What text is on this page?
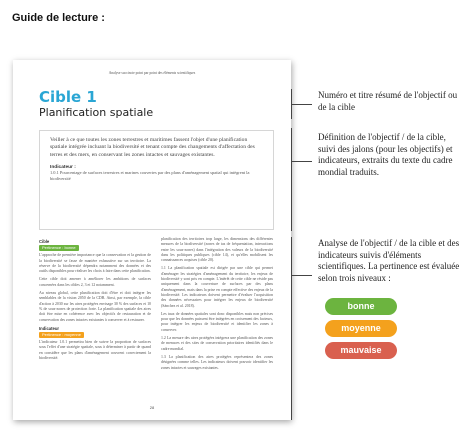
Guide de lecture :
Analyse succincte point par point des éléments scientifiques
Cible 1
Planification spatiale
Veiller à ce que toutes les zones terrestres et maritimes fassent l'objet d'une planification spatiale intégrée incluant la biodiversité et tenant compte des changements d'affectation des terres et des mers, en conservant les zones intactes et sauvages existantes.
Indicateur :
1.0.1 Pourcentage de surfaces terrestres et marines couvertes par des plans d'aménagement spatial qui intègrent la biodiversité
Cible
Pertinence : bonne

L'approche de première importance que la conservation et la gestion de la biodiversité se fasse de manière exhaustive sur un territoire. La réserve de la biodiversité dépendra notamment des données et des outils disponibles pour réaliser les choix à faire dans cette planification.

Cette cible doit amener à améliorer les ambitions de surfaces concernées dans les cibles 2, 3 et 12 notamment.

Au niveau global, cette planification doit d'être et doit intégrer les semblables de la vision 2050 de la CDB. Ainsi, par exemple, la cible d'action à 2030 sur les aires protégées envisage 30 % des surfaces et 10 % de sous-zones de protection forte. La planification spatiale des aires doit être mise en cohérence avec les objectifs de restauration et de conservation des zones intactes existantes à conserver et à restaurer.

Indicateur
Pertinence : moyenne

L'indicateur 1.0.1 permettra bien de suivre la proportion de surfaces sous l'effet d'une stratégie spatiale, sous à déterminer à partir de quand en considère que les plans d'aménagement couvrent correctement la biodiversité.

planification des territoires trop large, les dimensions des différentes mesures de la biodiversité (zones de tas de fréquentation, interactions entre les sous-zones) dans l'intégration des valeurs de la biodiversité dans les politiques publiques (cible 14), et qu'elles mobilisent les connaissances acquises (cible 20).

1.1 La planification spatiale est dirigée par une cible qui permet d'aménager les stratégies d'aménagement du territoire, les enjeux de biodiversité y sont pris en compte. L'intérêt de cette cible ne réside pas uniquement dans la couverture de surfaces par des plans d'aménagement, mais dans la prise en compte effective des enjeux de la biodiversité. Les indicateurs doivent permettre d'évaluer l'acquisition des données nécessaires pour intégrer les enjeux de biodiversité (Sánchez et al. 2018).

Les taux de données spatiales sont donc disponibles mais non précises pour que les données puissent être intégrées en croisement des facteurs, pour intégrer les enjeux de biodiversité et identifier les zones à conserver.

1.2 La mesure des aires protégées intégrera une planification des zones de menaces et des sites de conservation prioritaires identifiés dans le cadre mondial.

1.3 La planification des aires protégées représentera des zones désignées comme telles. Les indicateurs doivent pouvoir identifier les zones intactes et sauvages existantes.

28
Numéro et titre résumé de l'objectif ou de la cible
Définition de l'objectif / de la cible, suivi des jalons (pour les objectifs) et indicateurs, extraits du texte du cadre mondial traduits.
Analyse de l'objectif / de la cible et des indicateurs suivis d'éléments scientifiques. La pertinence est évaluée selon trois niveaux :
bonne
moyenne
mauvaise
